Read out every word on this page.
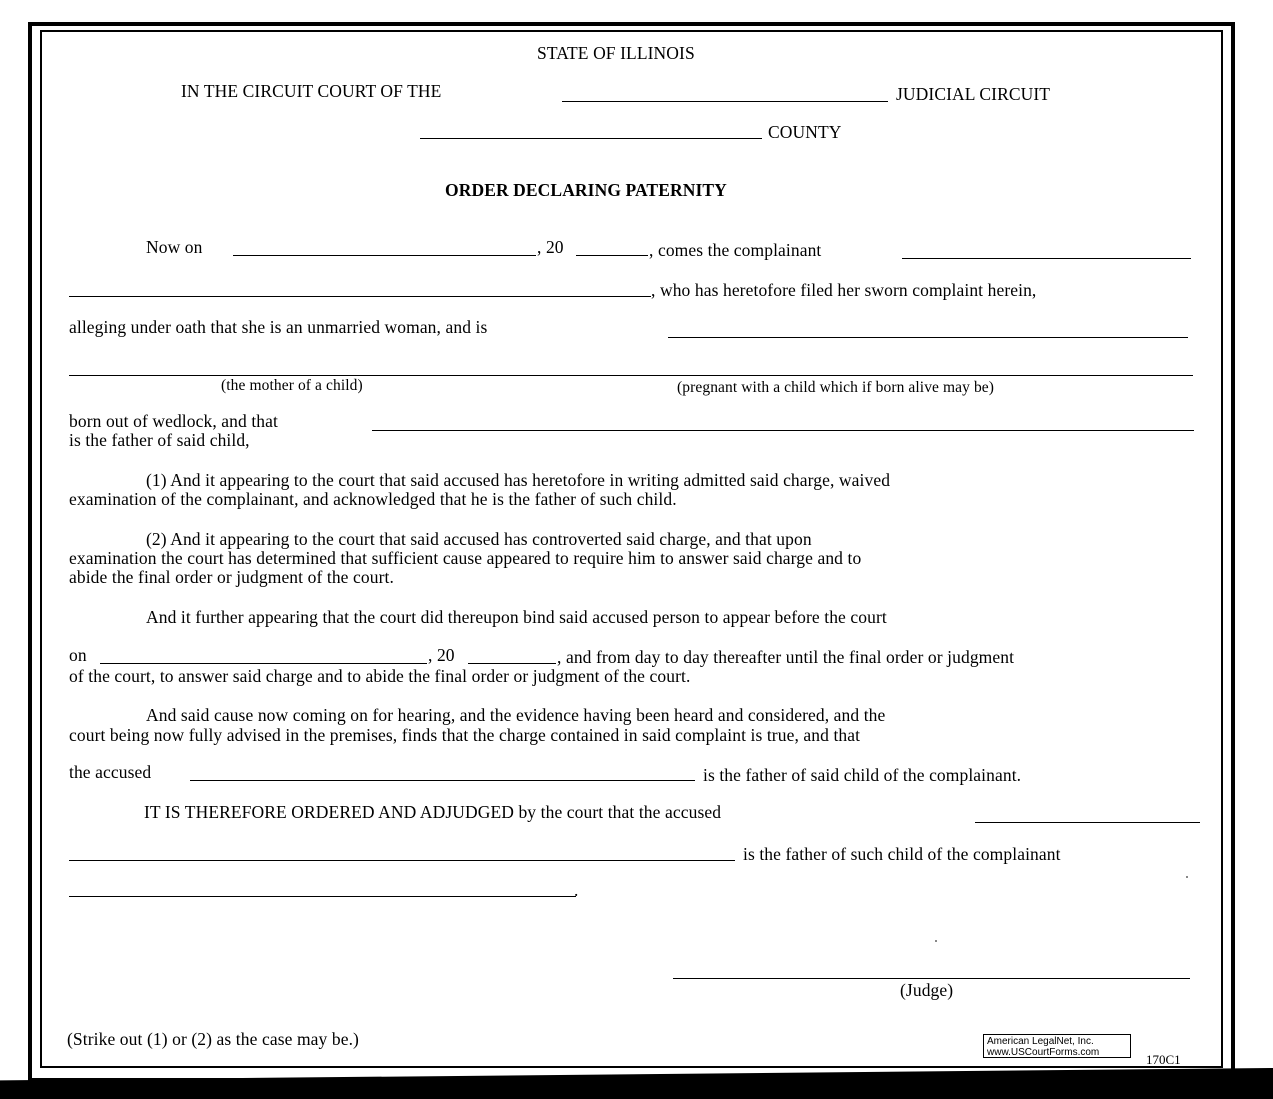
STATE OF ILLINOIS
IN THE CIRCUIT COURT OF THE	JUDICIAL CIRCUIT
COUNTY
ORDER DECLARING PATERNITY
Now on	, 20	, comes the complainant
, who has heretofore filed her sworn complaint herein,
alleging under oath that she is an unmarried woman, and is
(the mother of a child)	(pregnant with a child which if born alive may be)
born out of wedlock, and that
is the father of said child,
(1) And it appearing to the court that said accused has heretofore in writing admitted said charge, waived
examination of the complainant, and acknowledged that he is the father of such child.
(2) And it appearing to the court that said accused has controverted said charge, and that upon
examination the court has determined that sufficient cause appeared to require him to answer said charge and to
abide the final order or judgment of the court.
And it further appearing that the court did thereupon bind said accused person to appear before the court
on	, 20	, and from day to day thereafter until the final order or judgment
of the court, to answer said charge and to abide the final order or judgment of the court.
And said cause now coming on for hearing, and the evidence having been heard and considered, and the
court being now fully advised in the premises, finds that the charge contained in said complaint is true, and that
the accused	is the father of said child of the complainant.
IT IS THEREFORE ORDERED AND ADJUDGED by the court that the accused
is the father of such child of the complainant
.
(Judge)
(Strike out (1) or (2) as the case may be.)	American LegalNet, Inc.
www.USCourtForms.com	170C1
